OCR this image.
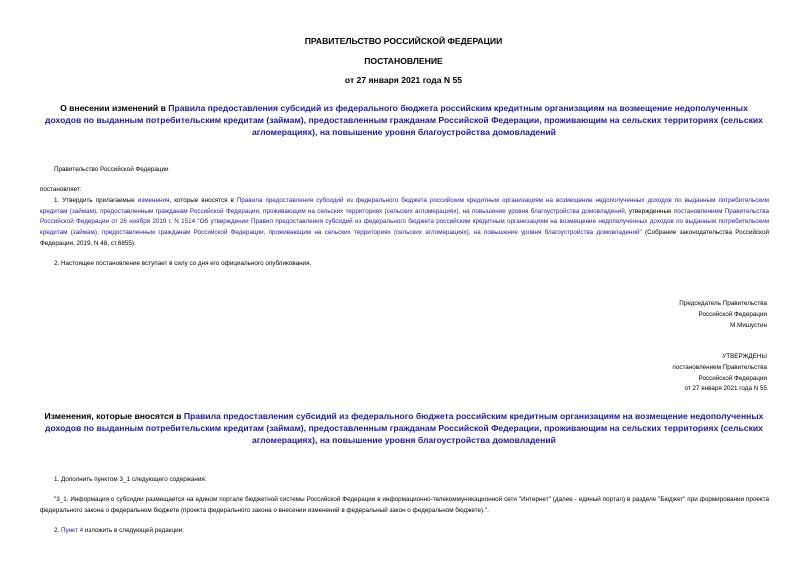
ПРАВИТЕЛЬСТВО РОССИЙСКОЙ ФЕДЕРАЦИИ
ПОСТАНОВЛЕНИЕ
от 27 января 2021 года N 55
О внесении изменений в Правила предоставления субсидий из федерального бюджета российским кредитным организациям на возмещение недополученных доходов по выданным потребительским кредитам (займам), предоставленным гражданам Российской Федерации, проживающим на сельских территориях (сельских агломерациях), на повышение уровня благоустройства домовладений
Правительство Российской Федерации
постановляет:
1. Утвердить прилагаемые изменения, которые вносятся в Правила предоставления субсидий из федерального бюджета российским кредитным организациям на возмещение недополученных доходов по выданным потребительским кредитам (займам), предоставленным гражданам Российской Федерации, проживающим на сельских территориях (сельских агломерациях), на повышение уровня благоустройства домовладений, утвержденные постановлением Правительства Российской Федерации от 26 ноября 2019 г. N 1514 "Об утверждении Правил предоставления субсидий из федерального бюджета российским кредитным организациям на возмещение недополученных доходов по выданным потребительским кредитам (займам), предоставленным гражданам Российской Федерации, проживающим на сельских территориях (сельских агломерациях), на повышение уровня благоустройства домовладений" (Собрание законодательства Российской Федерации, 2019, N 48, ст.6855).
2. Настоящее постановление вступает в силу со дня его официального опубликования.
Председатель Правительства
Российской Федерации
М.Мишустин
УТВЕРЖДЕНЫ
постановлением Правительства
Российской Федерации
от 27 января 2021 года N 55
Изменения, которые вносятся в Правила предоставления субсидий из федерального бюджета российским кредитным организациям на возмещение недополученных доходов по выданным потребительским кредитам (займам), предоставленным гражданам Российской Федерации, проживающим на сельских территориях (сельских агломерациях), на повышение уровня благоустройства домовладений
1. Дополнить пунктом 3_1 следующего содержания:
"3_1. Информация о субсидии размещается на едином портале бюджетной системы Российской Федерации в информационно-телекоммуникационной сети "Интернет" (далее - единый портал) в разделе "Бюджет" при формировании проекта федерального закона о федеральном бюджете (проекта федерального закона о внесении изменений в федеральный закон о федеральном бюджете).".
2. Пункт 4 изложить в следующей редакции:
